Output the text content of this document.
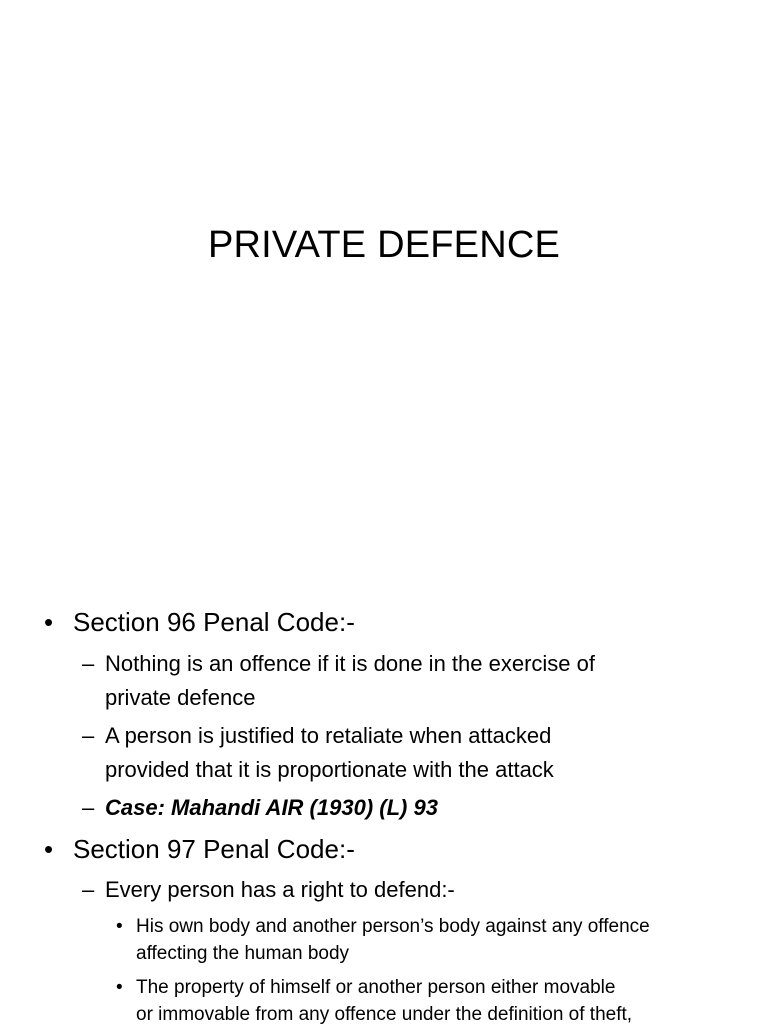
PRIVATE DEFENCE
• Section 96 Penal Code:-
– Nothing is an offence if it is done in the exercise of
private defence
– A person is justified to retaliate when attacked
provided that it is proportionate with the attack
– Case: Mahandi AIR (1930) (L) 93
• Section 97 Penal Code:-
– Every person has a right to defend:-
• His own body and another person’s body against any offence
affecting the human body
• The property of himself or another person either movable
or immovable from any offence under the definition of theft,
